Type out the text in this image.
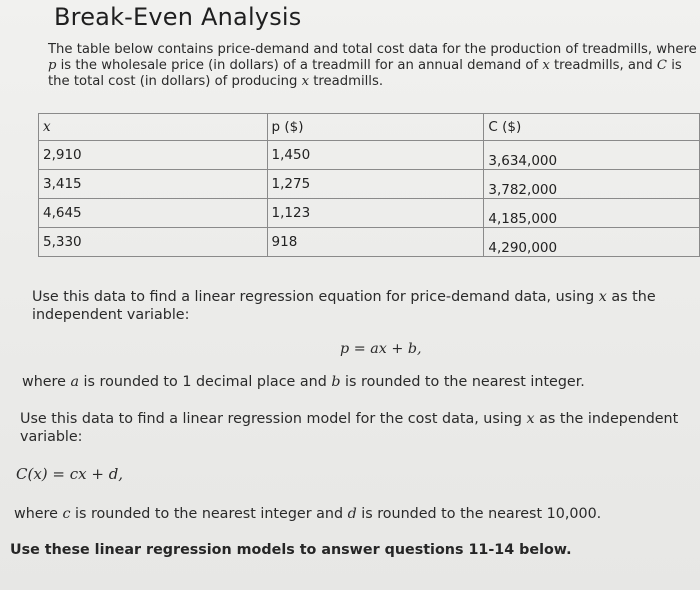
Break-Even Analysis
The table below contains price-demand and total cost data for the production of treadmills, where p is the wholesale price (in dollars) of a treadmill for an annual demand of x treadmills, and C is the total cost (in dollars) of producing x treadmills.
x	p ($)	C ($)
2,910	1,450	3,634,000
3,415	1,275	3,782,000
4,645	1,123	4,185,000
5,330	918	4,290,000
Use this data to find a linear regression equation for price-demand data, using x as the independent variable:
p = ax + b,
where a is rounded to 1 decimal place and b is rounded to the nearest integer.
Use this data to find a linear regression model for the cost data, using x as the independent variable:
C(x) = cx + d,
where c is rounded to the nearest integer and d is rounded to the nearest 10,000.
Use these linear regression models to answer questions 11-14 below.
